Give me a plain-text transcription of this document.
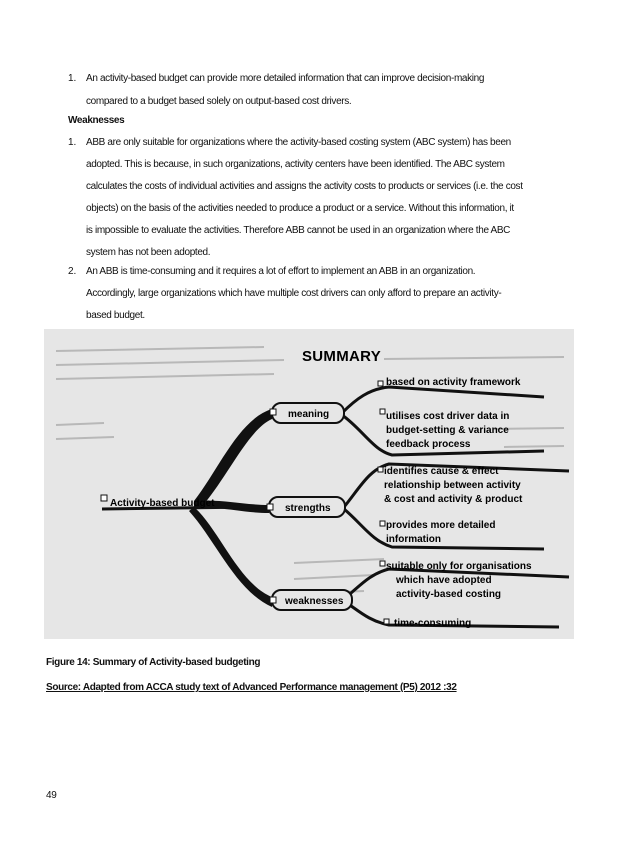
1. An activity-based budget can provide more detailed information that can improve decision-making
compared to a budget based solely on output-based cost drivers.
Weaknesses
1. ABB are only suitable for organizations where the activity-based costing system (ABC system) has been
adopted. This is because, in such organizations, activity centers have been identified. The ABC system
calculates the costs of individual activities and assigns the activity costs to products or services (i.e. the cost
objects) on the basis of the activities needed to produce a product or a service. Without this information, it
is impossible to evaluate the activities. Therefore ABB cannot be used in an organization where the ABC
system has not been adopted.
2. An ABB is time-consuming and it requires a lot of effort to implement an ABB in an organization.
Accordingly, large organizations which have multiple cost drivers can only afford to prepare an activity-
based budget.
SUMMARY
Activity-based budget
meaning
strengths
weaknesses
based on activity framework
utilises cost driver data in
budget-setting & variance
feedback process
identifies cause & effect
relationship between activity
& cost and activity & product
provides more detailed
information
suitable only for organisations
which have adopted
activity-based costing
time-consuming
Figure 14: Summary of Activity-based budgeting
Source: Adapted from ACCA study text of Advanced Performance management (P5) 2012 :32
49
